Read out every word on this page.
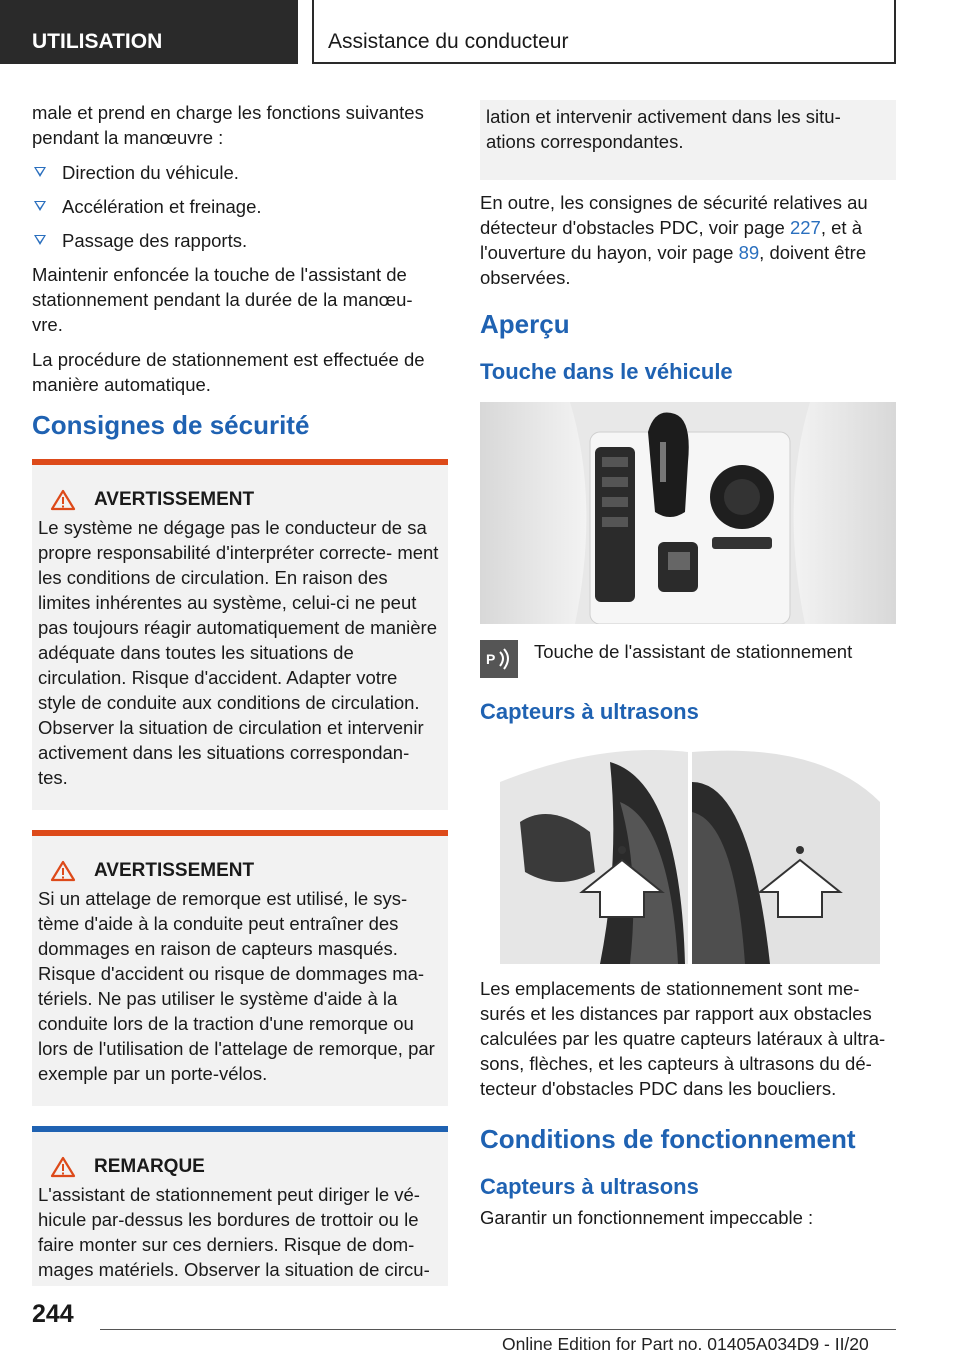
UTILISATION	Assistance du conducteur

male et prend en charge les fonctions suivantes pendant la manœuvre :

Direction du véhicule.
Accélération et freinage.
Passage des rapports.

Maintenir enfoncée la touche de l'assistant de stationnement pendant la durée de la manœu- vre.

La procédure de stationnement est effectuée de manière automatique.

Consignes de sécurité
AVERTISSEMENT

Le système ne dégage pas le conducteur de sa propre responsabilité d'interpréter correcte- ment les conditions de circulation. En raison des limites inhérentes au système, celui-ci ne peut pas toujours réagir automatiquement de manière adéquate dans toutes les situations de circulation. Risque d'accident. Adapter votre style de conduite aux conditions de circulation. Observer la situation de circulation et intervenir activement dans les situations correspondan- tes.

AVERTISSEMENT

Si un attelage de remorque est utilisé, le sys- tème d'aide à la conduite peut entraîner des dommages en raison de capteurs masqués. Risque d'accident ou risque de dommages ma- tériels. Ne pas utiliser le système d'aide à la conduite lors de la traction d'une remorque ou lors de l'utilisation de l'attelage de remorque, par exemple par un porte-vélos.

REMARQUE

L'assistant de stationnement peut diriger le vé- hicule par-dessus les bordures de trottoir ou le faire monter sur ces derniers. Risque de dom- mages matériels. Observer la situation de circu-

lation et intervenir activement dans les situ- ations correspondantes.

En outre, les consignes de sécurité relatives au détecteur d'obstacles PDC, voir page 227, et à l'ouverture du hayon, voir page 89, doivent être observées.

Aperçu
Touche dans le véhicule
P Touche de l'assistant de stationnement
Capteurs à ultrasons

Les emplacements de stationnement sont me- surés et les distances par rapport aux obstacles calculées par les quatre capteurs latéraux à ultra- sons, flèches, et les capteurs à ultrasons du dé- tecteur d'obstacles PDC dans les boucliers.

Conditions de fonctionnement
Capteurs à ultrasons

Garantir un fonctionnement impeccable :

244
Online Edition for Part no. 01405A034D9 - II/20
